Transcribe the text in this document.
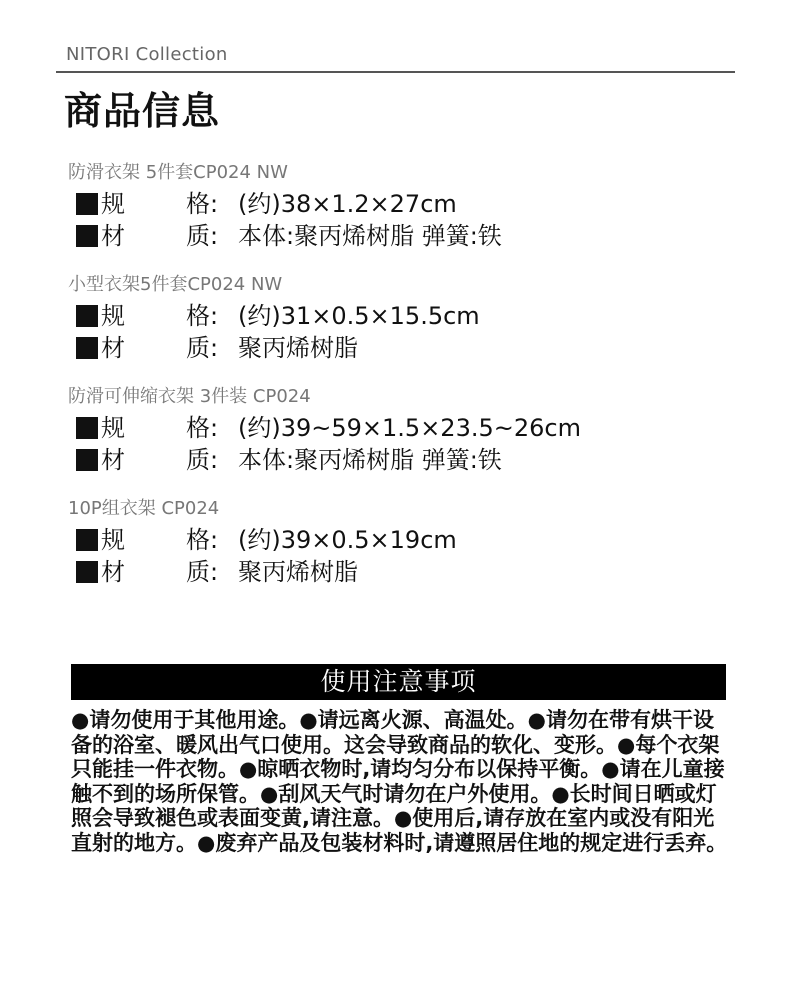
NITORI Collection
商品信息
防滑衣架 5件套CP024 NW
规	格: (约)38×1.2×27cm
材	质: 本体:聚丙烯树脂 弹簧:铁
小型衣架5件套CP024 NW
规	格: (约)31×0.5×15.5cm
材	质: 聚丙烯树脂
防滑可伸缩衣架 3件装 CP024
规	格: (约)39~59×1.5×23.5~26cm
材	质: 本体:聚丙烯树脂 弹簧:铁
10P组衣架 CP024
规	格: (约)39×0.5×19cm
材	质: 聚丙烯树脂
使用注意事项
●请勿使用于其他用途。●请远离火源、高温处。●请勿在带有烘干设备的浴室、暖风出气口使用。这会导致商品的软化、变形。●每个衣架只能挂一件衣物。●晾晒衣物时,请均匀分布以保持平衡。●请在儿童接触不到的场所保管。●刮风天气时请勿在户外使用。●长时间日晒或灯照会导致褪色或表面变黄,请注意。●使用后,请存放在室内或没有阳光直射的地方。●废弃产品及包装材料时,请遵照居住地的规定进行丢弃。
